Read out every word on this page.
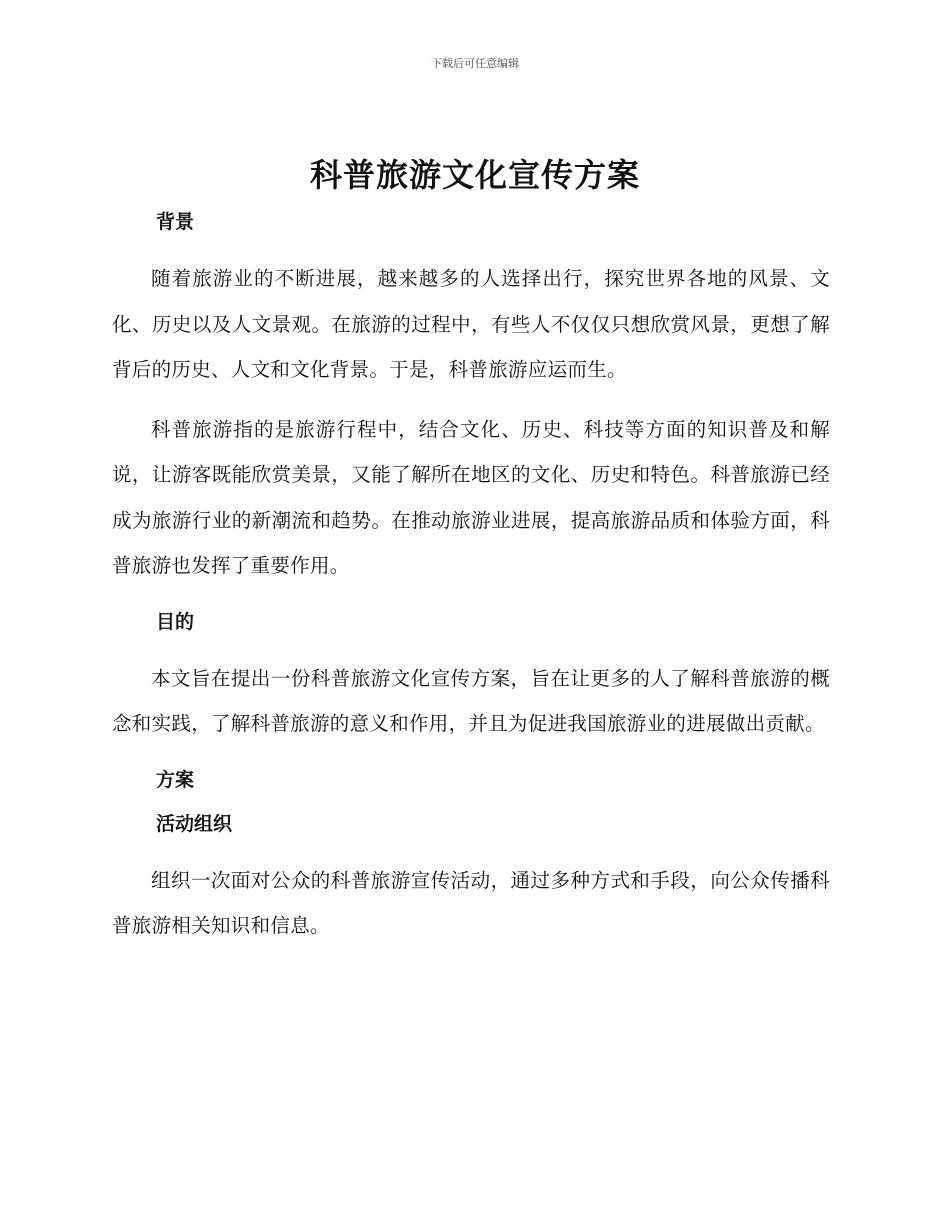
下载后可任意编辑
科普旅游文化宣传方案
背景

随着旅游业的不断进展，越来越多的人选择出行，探究世界各地的风景、文化、历史以及人文景观。在旅游的过程中，有些人不仅仅只想欣赏风景，更想了解背后的历史、人文和文化背景。于是，科普旅游应运而生。

科普旅游指的是旅游行程中，结合文化、历史、科技等方面的知识普及和解说，让游客既能欣赏美景，又能了解所在地区的文化、历史和特色。科普旅游已经成为旅游行业的新潮流和趋势。在推动旅游业进展，提高旅游品质和体验方面，科普旅游也发挥了重要作用。

目的

本文旨在提出一份科普旅游文化宣传方案，旨在让更多的人了解科普旅游的概念和实践，了解科普旅游的意义和作用，并且为促进我国旅游业的进展做出贡献。

方案
活动组织

组织一次面对公众的科普旅游宣传活动，通过多种方式和手段，向公众传播科普旅游相关知识和信息。
